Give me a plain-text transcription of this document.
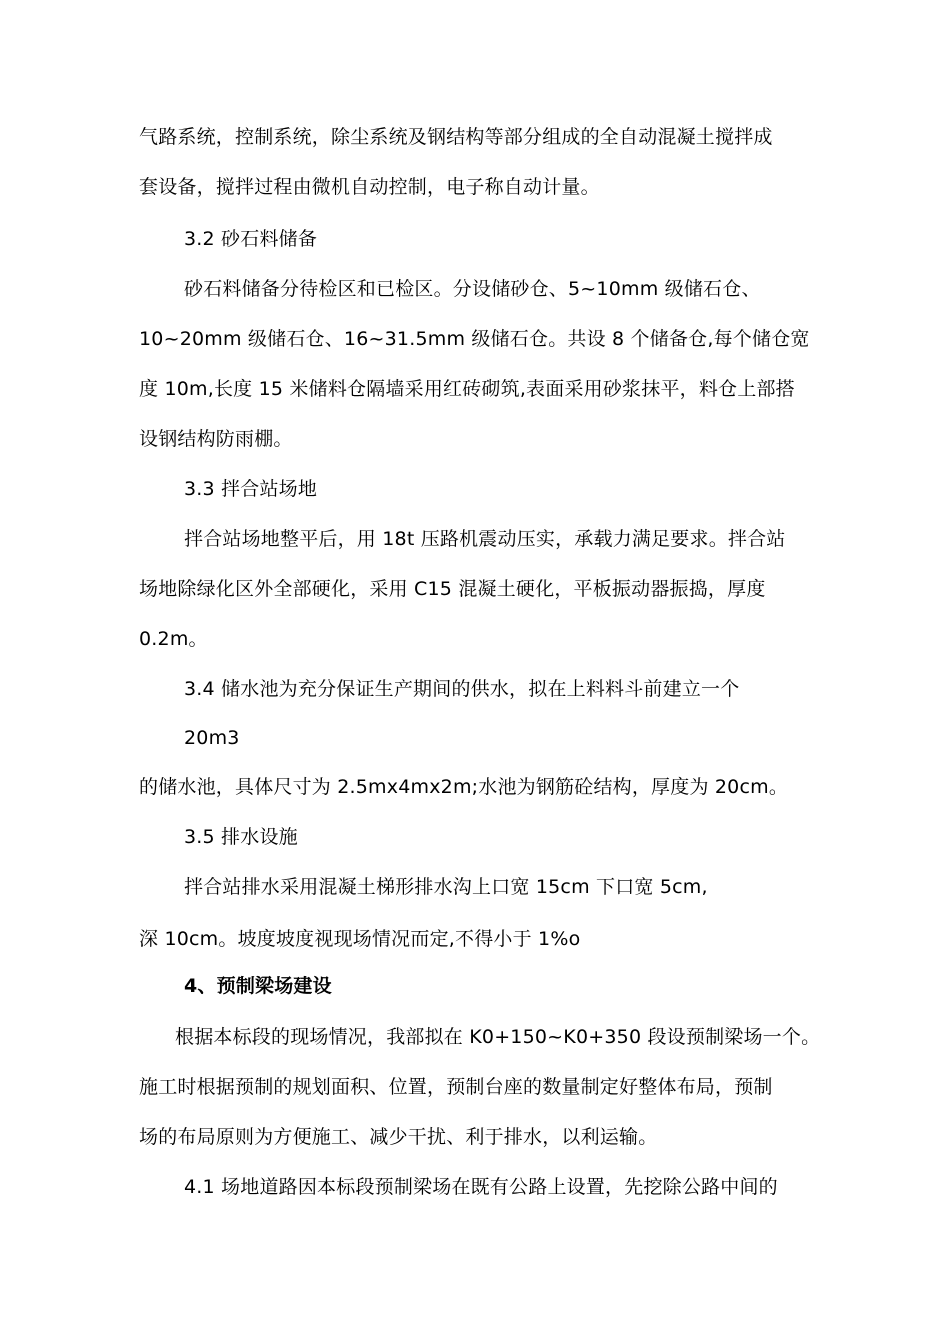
气路系统，控制系统，除尘系统及钢结构等部分组成的全自动混凝土搅拌成
套设备，搅拌过程由微机自动控制，电子称自动计量。
3.2 砂石料储备
砂石料储备分待检区和已检区。分设储砂仓、5~10mm 级储石仓、
10~20mm 级储石仓、16~31.5mm 级储石仓。共设 8 个储备仓,每个储仓宽
度 10m,长度 15 米储料仓隔墙采用红砖砌筑,表面采用砂浆抹平，料仓上部搭
设钢结构防雨棚。
3.3 拌合站场地
拌合站场地整平后，用 18t 压路机震动压实，承载力满足要求。拌合站
场地除绿化区外全部硬化，采用 C15 混凝土硬化，平板振动器振捣，厚度
0.2m。
3.4 储水池为充分保证生产期间的供水，拟在上料料斗前建立一个
20m3
的储水池，具体尺寸为 2.5mx4mx2m;水池为钢筋砼结构，厚度为 20cm。
3.5 排水设施
拌合站排水采用混凝土梯形排水沟上口宽 15cm 下口宽 5cm,
深 10cm。坡度坡度视现场情况而定,不得小于 1%o
4、预制梁场建设
根据本标段的现场情况，我部拟在 K0+150~K0+350 段设预制梁场一个。
施工时根据预制的规划面积、位置，预制台座的数量制定好整体布局，预制
场的布局原则为方便施工、减少干扰、利于排水，以利运输。
4.1 场地道路因本标段预制梁场在既有公路上设置，先挖除公路中间的
